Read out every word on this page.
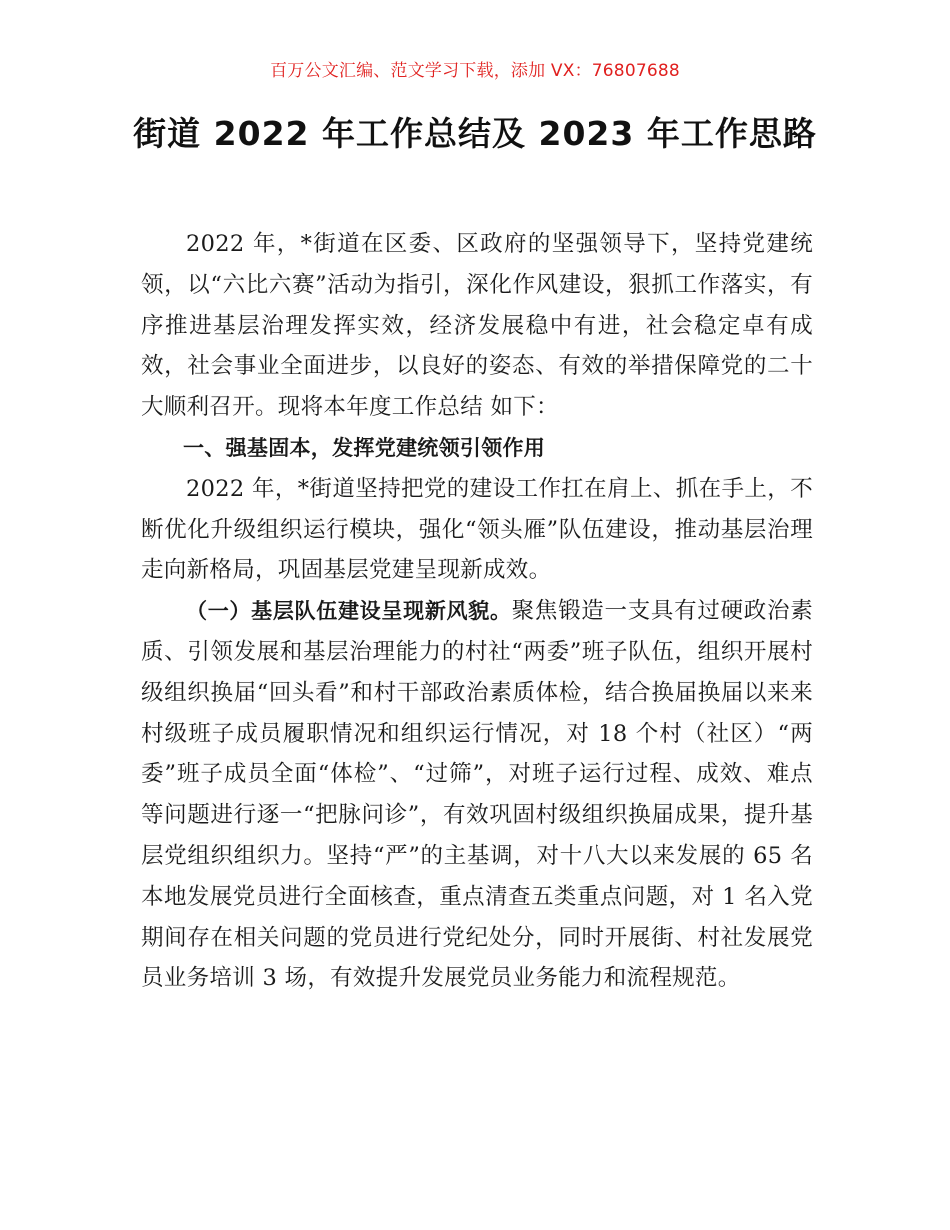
百万公文汇编、范文学习下载，添加 VX：76807688
街道 2022 年工作总结及 2023 年工作思路

2022 年，*街道在区委、区政府的坚强领导下，坚持党建统领，以“六比六赛”活动为指引，深化作风建设，狠抓工作落实，有序推进基层治理发挥实效，经济发展稳中有进，社会稳定卓有成效，社会事业全面进步，以良好的姿态、有效的举措保障党的二十大顺利召开。现将本年度工作总结 如下：

一、强基固本，发挥党建统领引领作用

2022 年，*街道坚持把党的建设工作扛在肩上、抓在手上，不断优化升级组织运行模块，强化“领头雁”队伍建设，推动基层治理走向新格局，巩固基层党建呈现新成效。

（一）基层队伍建设呈现新风貌。聚焦锻造一支具有过硬政治素质、引领发展和基层治理能力的村社“两委”班子队伍，组织开展村级组织换届“回头看”和村干部政治素质体检，结合换届换届以来来村级班子成员履职情况和组织运行情况，对 18 个村（社区）“两委”班子成员全面“体检”、“过筛”，对班子运行过程、成效、难点等问题进行逐一“把脉问诊”，有效巩固村级组织换届成果，提升基层党组织组织力。坚持“严”的主基调，对十八大以来发展的 65 名本地发展党员进行全面核查，重点清查五类重点问题，对 1 名入党期间存在相关问题的党员进行党纪处分，同时开展街、村社发展党员业务培训 3 场，有效提升发展党员业务能力和流程规范。
